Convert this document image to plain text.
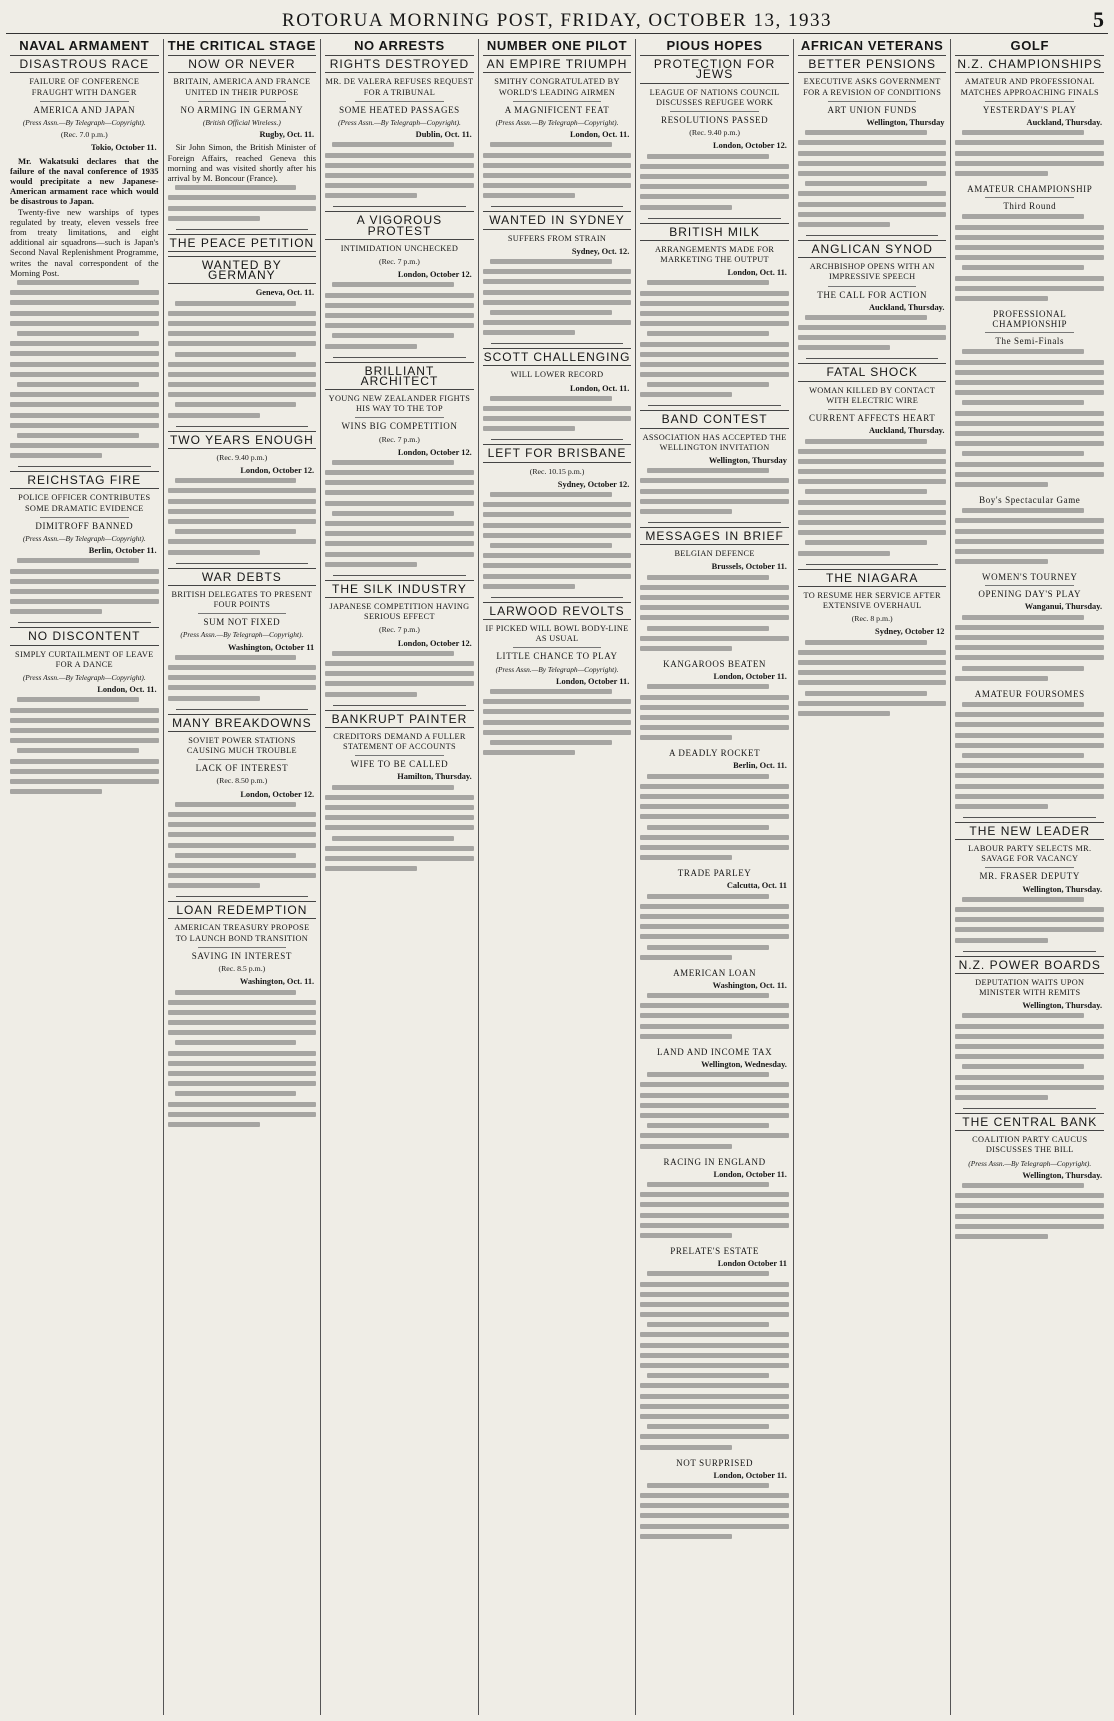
ROTORUA MORNING POST, FRIDAY, OCTOBER 13, 1933	5
NAVAL ARMAMENT
DISASTROUS RACE
FAILURE OF CONFERENCE FRAUGHT WITH DANGER
AMERICA AND JAPAN
(Press Assn.—By Telegraph—Copyright).
(Rec. 7.0 p.m.)
Tokio, October 11.

Mr. Wakatsuki declares that the failure of the naval conference of 1935 would precipitate a new Japanese-American armament race which would be disastrous to Japan.

Twenty-five new warships of types regulated by treaty, eleven vessels free from treaty limitations, and eight additional air squadrons—such is Japan's Second Naval Replenishment Programme, writes the naval correspondent of the Morning Post.

REICHSTAG FIRE
POLICE OFFICER CONTRIBUTES SOME DRAMATIC EVIDENCE
DIMITROFF BANNED
(Press Assn.—By Telegraph—Copyright).
Berlin, October 11.
NO DISCONTENT
SIMPLY CURTAILMENT OF LEAVE FOR A DANCE
(Press Assn.—By Telegraph—Copyright).
London, Oct. 11.
THE CRITICAL STAGE
NOW OR NEVER
BRITAIN, AMERICA AND FRANCE UNITED IN THEIR PURPOSE
NO ARMING IN GERMANY
(British Official Wireless.)
Rugby, Oct. 11.

Sir John Simon, the British Minister of Foreign Affairs, reached Geneva this morning and was visited shortly after his arrival by M. Boncour (France).

THE PEACE PETITION
WANTED BY GERMANY
Geneva, Oct. 11.
TWO YEARS ENOUGH
(Rec. 9.40 p.m.)
London, October 12.
WAR DEBTS
BRITISH DELEGATES TO PRESENT FOUR POINTS
SUM NOT FIXED
(Press Assn.—By Telegraph—Copyright).
Washington, October 11
MANY BREAKDOWNS
SOVIET POWER STATIONS CAUSING MUCH TROUBLE
LACK OF INTEREST
(Rec. 8.50 p.m.)
London, October 12.
LOAN REDEMPTION
AMERICAN TREASURY PROPOSE TO LAUNCH BOND TRANSITION
SAVING IN INTEREST
(Rec. 8.5 p.m.)
Washington, Oct. 11.
NO ARRESTS
RIGHTS DESTROYED
MR. DE VALERA REFUSES REQUEST FOR A TRIBUNAL
SOME HEATED PASSAGES
(Press Assn.—By Telegraph—Copyright).
Dublin, Oct. 11.
A VIGOROUS PROTEST
INTIMIDATION UNCHECKED
(Rec. 7 p.m.)
London, October 12.
BRILLIANT ARCHITECT
YOUNG NEW ZEALANDER FIGHTS HIS WAY TO THE TOP
WINS BIG COMPETITION
(Rec. 7 p.m.)
London, October 12.
THE SILK INDUSTRY
JAPANESE COMPETITION HAVING SERIOUS EFFECT
(Rec. 7 p.m.)
London, October 12.
BANKRUPT PAINTER
CREDITORS DEMAND A FULLER STATEMENT OF ACCOUNTS
WIFE TO BE CALLED
Hamilton, Thursday.
NUMBER ONE PILOT
AN EMPIRE TRIUMPH
SMITHY CONGRATULATED BY WORLD'S LEADING AIRMEN
A MAGNIFICENT FEAT
(Press Assn.—By Telegraph—Copyright).
London, Oct. 11.
WANTED IN SYDNEY
SUFFERS FROM STRAIN
Sydney, Oct. 12.
SCOTT CHALLENGING
WILL LOWER RECORD
London, Oct. 11.
LEFT FOR BRISBANE
(Rec. 10.15 p.m.)
Sydney, October 12.
LARWOOD REVOLTS
IF PICKED WILL BOWL BODY-LINE AS USUAL
LITTLE CHANCE TO PLAY
(Press Assn.—By Telegraph—Copyright).
London, October 11.
PIOUS HOPES
PROTECTION FOR JEWS
LEAGUE OF NATIONS COUNCIL DISCUSSES REFUGEE WORK
RESOLUTIONS PASSED
(Rec. 9.40 p.m.)
London, October 12.
BRITISH MILK
ARRANGEMENTS MADE FOR MARKETING THE OUTPUT
London, Oct. 11.
BAND CONTEST
ASSOCIATION HAS ACCEPTED THE WELLINGTON INVITATION
Wellington, Thursday
MESSAGES IN BRIEF
BELGIAN DEFENCE
Brussels, October 11.
KANGAROOS BEATEN
London, October 11.
A DEADLY ROCKET
Berlin, Oct. 11.
TRADE PARLEY
Calcutta, Oct. 11
AMERICAN LOAN
Washington, Oct. 11.
LAND AND INCOME TAX
Wellington, Wednesday.
RACING IN ENGLAND
London, October 11.
PRELATE'S ESTATE
London October 11
NOT SURPRISED
London, October 11.
AFRICAN VETERANS
BETTER PENSIONS
EXECUTIVE ASKS GOVERNMENT FOR A REVISION OF CONDITIONS
ART UNION FUNDS
Wellington, Thursday
ANGLICAN SYNOD
ARCHBISHOP OPENS WITH AN IMPRESSIVE SPEECH
THE CALL FOR ACTION
Auckland, Thursday.
FATAL SHOCK
WOMAN KILLED BY CONTACT WITH ELECTRIC WIRE
CURRENT AFFECTS HEART
Auckland, Thursday.
THE NIAGARA
TO RESUME HER SERVICE AFTER EXTENSIVE OVERHAUL
(Rec. 8 p.m.)
Sydney, October 12
GOLF
N.Z. CHAMPIONSHIPS
AMATEUR AND PROFESSIONAL MATCHES APPROACHING FINALS
YESTERDAY'S PLAY
Auckland, Thursday.
AMATEUR CHAMPIONSHIP
Third Round
PROFESSIONAL CHAMPIONSHIP
The Semi-Finals
Boy's Spectacular Game
WOMEN'S TOURNEY
OPENING DAY'S PLAY
Wanganui, Thursday.
AMATEUR FOURSOMES
THE NEW LEADER
LABOUR PARTY SELECTS MR. SAVAGE FOR VACANCY
MR. FRASER DEPUTY
Wellington, Thursday.
N.Z. POWER BOARDS
DEPUTATION WAITS UPON MINISTER WITH REMITS
Wellington, Thursday.
THE CENTRAL BANK
COALITION PARTY CAUCUS DISCUSSES THE BILL
(Press Assn.—By Telegraph—Copyright).
Wellington, Thursday.
